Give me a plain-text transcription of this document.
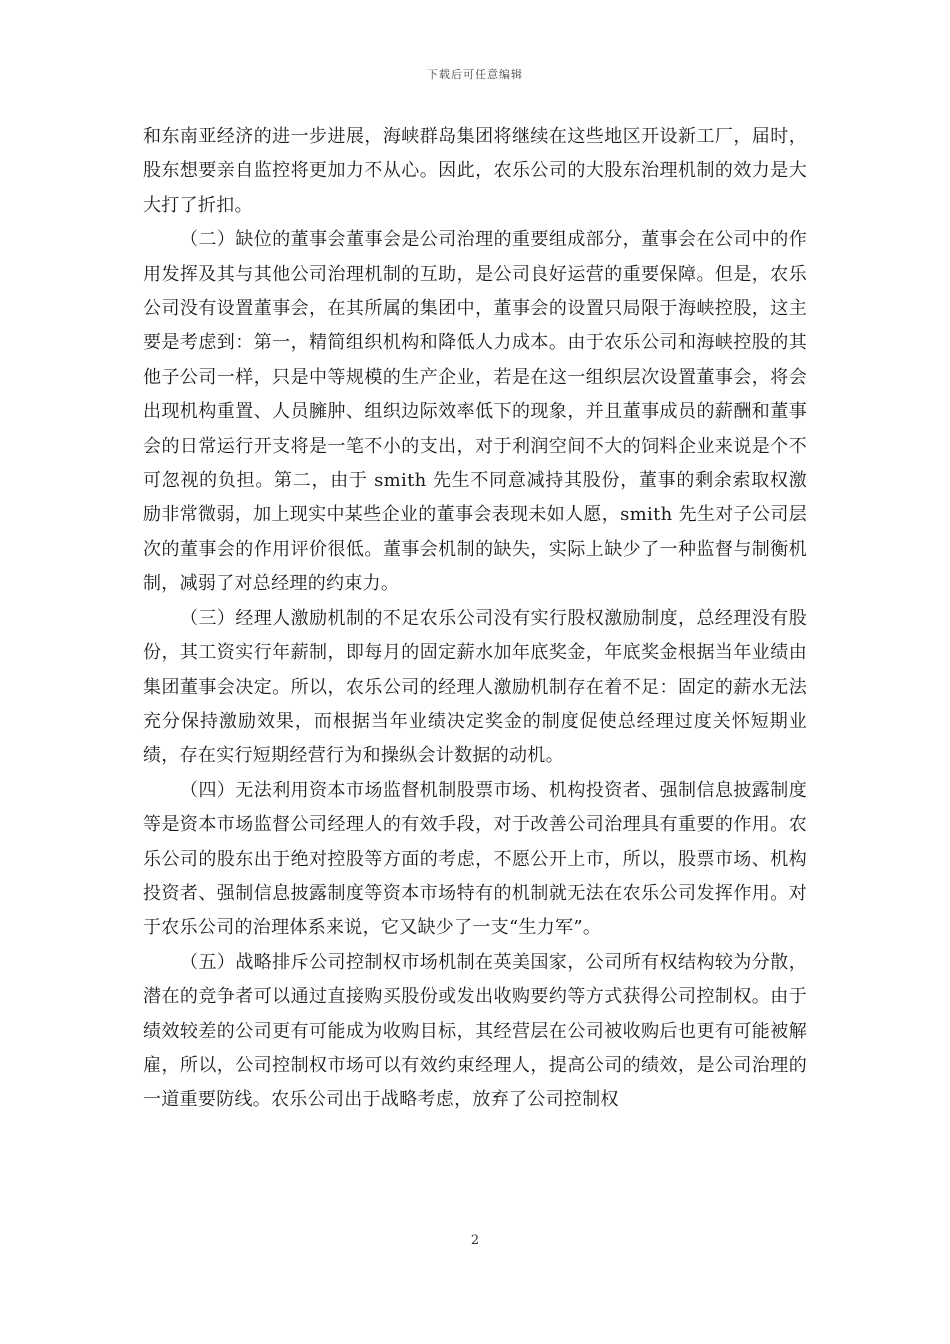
下载后可任意编辑

和东南亚经济的进一步进展，海峡群岛集团将继续在这些地区开设新工厂，届时，股东想要亲自监控将更加力不从心。因此，农乐公司的大股东治理机制的效力是大大打了折扣。

（二）缺位的董事会董事会是公司治理的重要组成部分，董事会在公司中的作用发挥及其与其他公司治理机制的互助，是公司良好运营的重要保障。但是，农乐公司没有设置董事会，在其所属的集团中，董事会的设置只局限于海峡控股，这主要是考虑到：第一，精简组织机构和降低人力成本。由于农乐公司和海峡控股的其他子公司一样，只是中等规模的生产企业，若是在这一组织层次设置董事会，将会出现机构重置、人员臃肿、组织边际效率低下的现象，并且董事成员的薪酬和董事会的日常运行开支将是一笔不小的支出，对于利润空间不大的饲料企业来说是个不可忽视的负担。第二，由于 smith 先生不同意减持其股份，董事的剩余索取权激励非常微弱，加上现实中某些企业的董事会表现未如人愿，smith 先生对子公司层次的董事会的作用评价很低。董事会机制的缺失，实际上缺少了一种监督与制衡机制，减弱了对总经理的约束力。

（三）经理人激励机制的不足农乐公司没有实行股权激励制度，总经理没有股份，其工资实行年薪制，即每月的固定薪水加年底奖金，年底奖金根据当年业绩由集团董事会决定。所以，农乐公司的经理人激励机制存在着不足：固定的薪水无法充分保持激励效果，而根据当年业绩决定奖金的制度促使总经理过度关怀短期业绩，存在实行短期经营行为和操纵会计数据的动机。

（四）无法利用资本市场监督机制股票市场、机构投资者、强制信息披露制度等是资本市场监督公司经理人的有效手段，对于改善公司治理具有重要的作用。农乐公司的股东出于绝对控股等方面的考虑，不愿公开上市，所以，股票市场、机构投资者、强制信息披露制度等资本市场特有的机制就无法在农乐公司发挥作用。对于农乐公司的治理体系来说，它又缺少了一支“生力军”。

（五）战略排斥公司控制权市场机制在英美国家，公司所有权结构较为分散，潜在的竞争者可以通过直接购买股份或发出收购要约等方式获得公司控制权。由于绩效较差的公司更有可能成为收购目标，其经营层在公司被收购后也更有可能被解雇，所以，公司控制权市场可以有效约束经理人，提高公司的绩效，是公司治理的一道重要防线。农乐公司出于战略考虑，放弃了公司控制权

2
